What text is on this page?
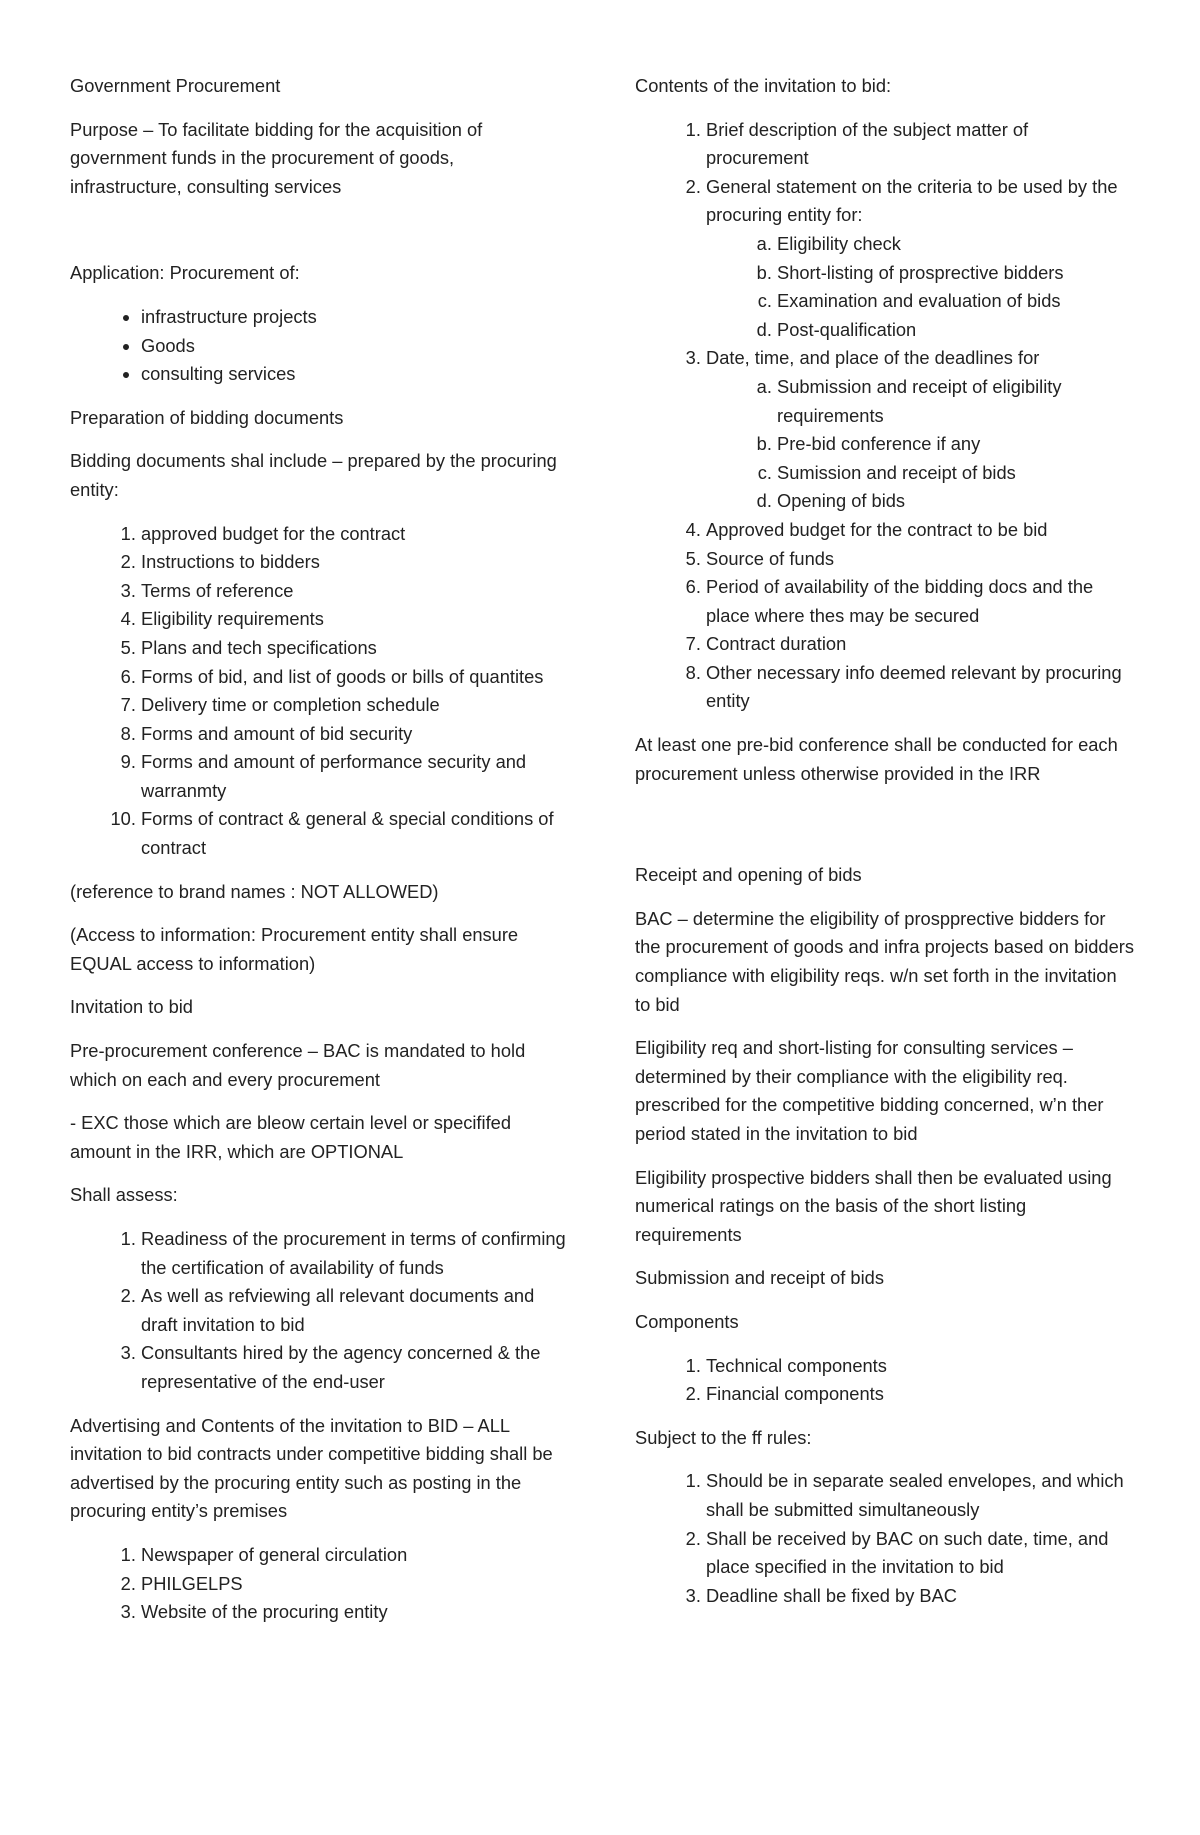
Government Procurement

Purpose – To facilitate bidding for the acquisition of government funds in the procurement of goods, infrastructure, consulting services

Application: Procurement of:

• infrastructure projects
• Goods
• consulting services

Preparation of bidding documents

Bidding documents shal include – prepared by the procuring entity:

1. approved budget for the contract
2. Instructions to bidders
3. Terms of reference
4. Eligibility requirements
5. Plans and tech specifications
6. Forms of bid, and list of goods or bills of quantites
7. Delivery time or completion schedule
8. Forms and amount of bid security
9. Forms and amount of performance security and warranmty
10. Forms of contract & general & special conditions of contract

(reference to brand names : NOT ALLOWED)

(Access to information: Procurement entity shall ensure EQUAL access to information)

Invitation to bid

Pre-procurement conference – BAC is mandated to hold which on each and every procurement

- EXC those which are bleow certain level or specififed amount in the IRR, which are OPTIONAL

Shall assess:

1. Readiness of the procurement in terms of confirming the certification of availability of funds
2. As well as refviewing all relevant documents and draft invitation to bid
3. Consultants hired by the agency concerned & the representative of the end-user

Advertising and Contents of the invitation to BID – ALL invitation to bid contracts under competitive bidding shall be advertised by the procuring entity such as posting in the procuring entity’s premises

1. Newspaper of general circulation
2. PHILGELPS
3. Website of the procuring entity

Contents of the invitation to bid:

1. Brief description of the subject matter of procurement
2. General statement on the criteria to be used by the procuring entity for:
a. Eligibility check
b. Short-listing of prosprective bidders
c. Examination and evaluation of bids
d. Post-qualification
3. Date, time, and place of the deadlines for
a. Submission and receipt of eligibility requirements
b. Pre-bid conference if any
c. Sumission and receipt of bids
d. Opening of bids
4. Approved budget for the contract to be bid
5. Source of funds
6. Period of availability of the bidding docs and the place where thes may be secured
7. Contract duration
8. Other necessary info deemed relevant by procuring entity

At least one pre-bid conference shall be conducted for each procurement unless otherwise provided in the IRR

Receipt and opening of bids

BAC – determine the eligibility of prospprective bidders for the procurement of goods and infra projects based on bidders compliance with eligibility reqs. w/n set forth in the invitation to bid

Eligibility req and short-listing for consulting services – determined by their compliance with the eligibility req. prescribed for the competitive bidding concerned, w’n ther period stated in the invitation to bid

Eligibility prospective bidders shall then be evaluated using numerical ratings on the basis of the short listing requirements

Submission and receipt of bids

Components

1. Technical components
2. Financial components

Subject to the ff rules:

1. Should be in separate sealed envelopes, and which shall be submitted simultaneously
2. Shall be received by BAC on such date, time, and place specified in the invitation to bid
3. Deadline shall be fixed by BAC
